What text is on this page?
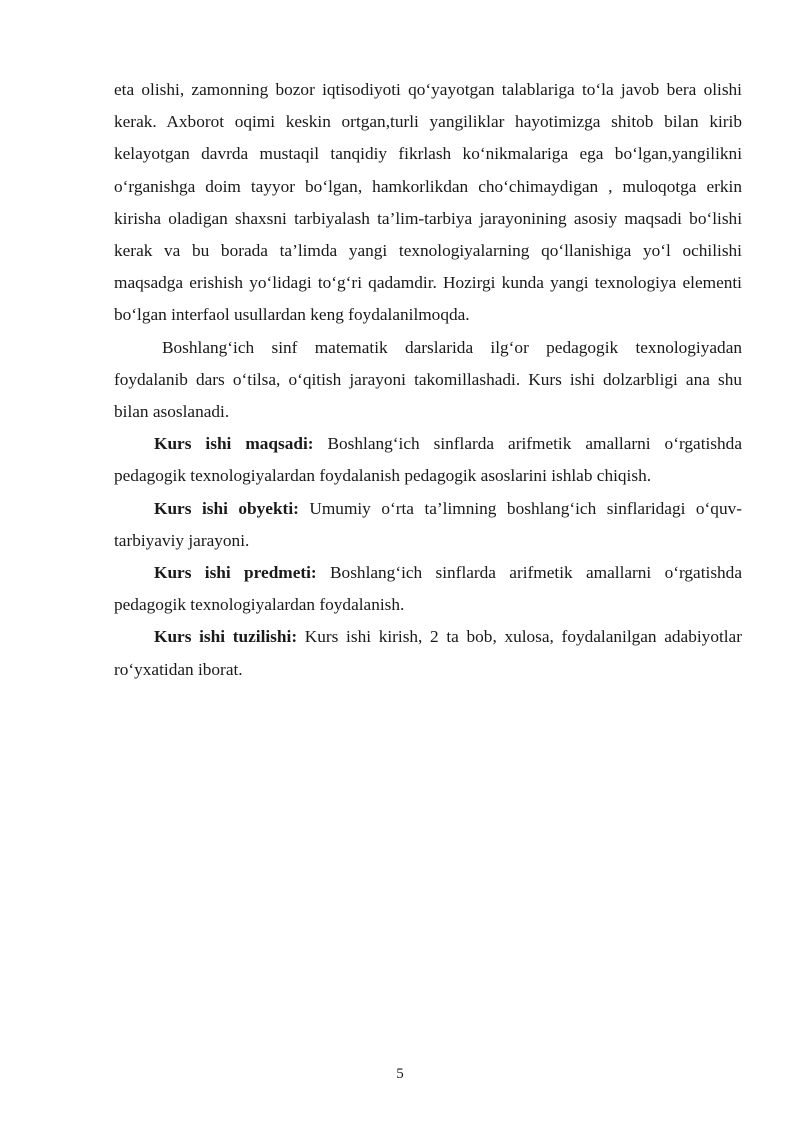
eta olishi, zamonning bozor iqtisodiyoti qo‘yayotgan talablariga to‘la javob bera olishi kerak. Axborot oqimi keskin ortgan,turli yangiliklar hayotimizga shitob bilan kirib kelayotgan davrda mustaqil tanqidiy fikrlash ko‘nikmalariga ega bo‘lgan,yangilikni o‘rganishga doim tayyor bo‘lgan, hamkorlikdan cho‘chimaydigan , muloqotga erkin kirisha oladigan shaxsni tarbiyalash ta’lim-tarbiya jarayonining asosiy maqsadi bo‘lishi kerak va bu borada ta’limda yangi texnologiyalarning qo‘llanishiga yo‘l ochilishi maqsadga erishish yo‘lidagi to‘g‘ri qadamdir. Hozirgi kunda yangi texnologiya elementi bo‘lgan interfaol usullardan keng foydalanilmoqda.

Boshlang‘ich sinf matematik darslarida ilg‘or pedagogik texnologiyadan foydalanib dars o‘tilsa, o‘qitish jarayoni takomillashadi. Kurs ishi dolzarbligi ana shu bilan asoslanadi.

Kurs ishi maqsadi: Boshlang‘ich sinflarda arifmetik amallarni o‘rgatishda pedagogik texnologiyalardan foydalanish pedagogik asoslarini ishlab chiqish.

Kurs ishi obyekti: Umumiy o‘rta ta’limning boshlang‘ich sinflaridagi o‘quv-tarbiyaviy jarayoni.

Kurs ishi predmeti: Boshlang‘ich sinflarda arifmetik amallarni o‘rgatishda pedagogik texnologiyalardan foydalanish.

Kurs ishi tuzilishi: Kurs ishi kirish, 2 ta bob, xulosa, foydalanilgan adabiyotlar ro‘yxatidan iborat.

5
